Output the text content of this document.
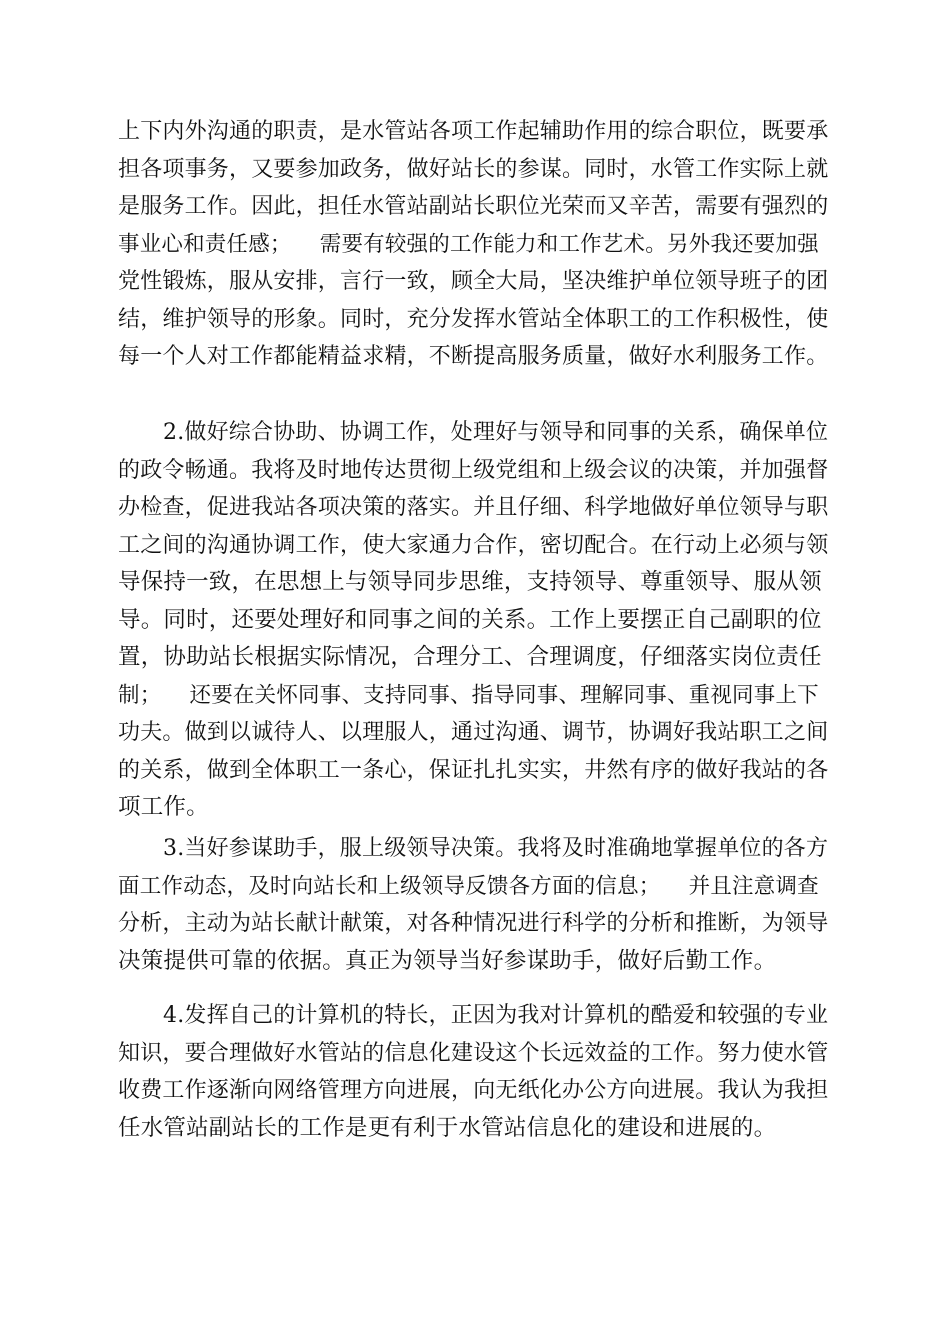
上下内外沟通的职责，是水管站各项工作起辅助作用的综合职位，既要承
担各项事务，又要参加政务，做好站长的参谋。同时，水管工作实际上就
是服务工作。因此，担任水管站副站长职位光荣而又辛苦，需要有强烈的
事业心和责任感；    需要有较强的工作能力和工作艺术。另外我还要加强
党性锻炼，服从安排，言行一致，顾全大局，坚决维护单位领导班子的团
结，维护领导的形象。同时，充分发挥水管站全体职工的工作积极性，使
每一个人对工作都能精益求精，不断提高服务质量，做好水利服务工作。
2.做好综合协助、协调工作，处理好与领导和同事的关系，确保单位
的政令畅通。我将及时地传达贯彻上级党组和上级会议的决策，并加强督
办检查，促进我站各项决策的落实。并且仔细、科学地做好单位领导与职
工之间的沟通协调工作，使大家通力合作，密切配合。在行动上必须与领
导保持一致，在思想上与领导同步思维，支持领导、尊重领导、服从领
导。同时，还要处理好和同事之间的关系。工作上要摆正自己副职的位
置，协助站长根据实际情况，合理分工、合理调度，仔细落实岗位责任
制；    还要在关怀同事、支持同事、指导同事、理解同事、重视同事上下
功夫。做到以诚待人、以理服人，通过沟通、调节，协调好我站职工之间
的关系，做到全体职工一条心，保证扎扎实实，井然有序的做好我站的各
项工作。
3.当好参谋助手，服上级领导决策。我将及时准确地掌握单位的各方
面工作动态，及时向站长和上级领导反馈各方面的信息；    并且注意调查
分析，主动为站长献计献策，对各种情况进行科学的分析和推断，为领导
决策提供可靠的依据。真正为领导当好参谋助手，做好后勤工作。
4.发挥自己的计算机的特长，正因为我对计算机的酷爱和较强的专业
知识，要合理做好水管站的信息化建设这个长远效益的工作。努力使水管
收费工作逐渐向网络管理方向进展，向无纸化办公方向进展。我认为我担
任水管站副站长的工作是更有利于水管站信息化的建设和进展的。
